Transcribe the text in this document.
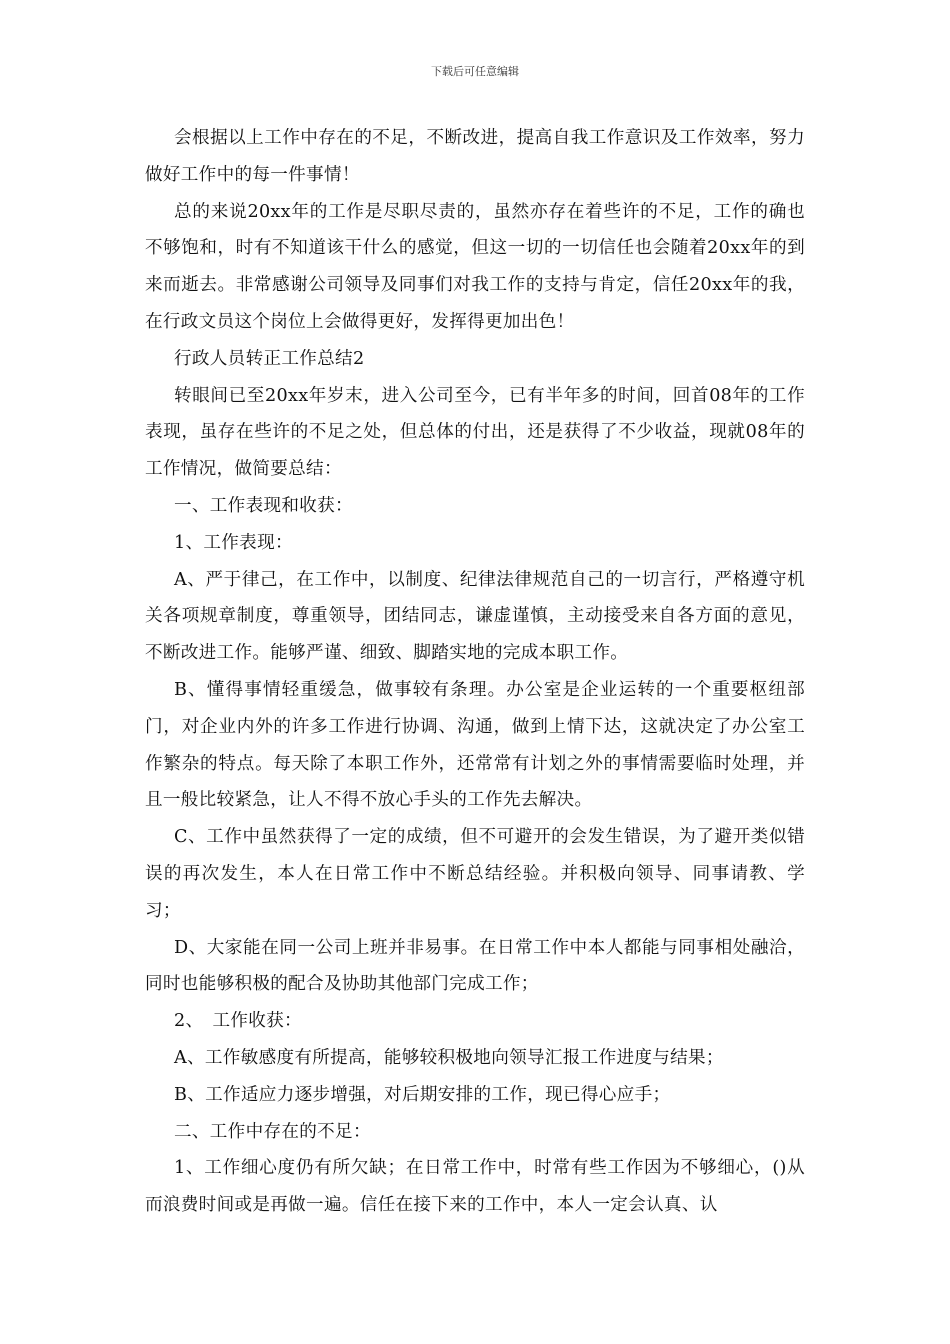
下载后可任意编辑

会根据以上工作中存在的不足，不断改进，提高自我工作意识及工作效率，努力做好工作中的每一件事情！

总的来说20xx年的工作是尽职尽责的，虽然亦存在着些许的不足，工作的确也不够饱和，时有不知道该干什么的感觉，但这一切的一切信任也会随着20xx年的到来而逝去。非常感谢公司领导及同事们对我工作的支持与肯定，信任20xx年的我，在行政文员这个岗位上会做得更好，发挥得更加出色！

行政人员转正工作总结2

转眼间已至20xx年岁末，进入公司至今，已有半年多的时间，回首08年的工作表现，虽存在些许的不足之处，但总体的付出，还是获得了不少收益，现就08年的工作情况，做简要总结：

一、工作表现和收获：

1、工作表现：

A、严于律己，在工作中，以制度、纪律法律规范自己的一切言行，严格遵守机关各项规章制度，尊重领导，团结同志，谦虚谨慎，主动接受来自各方面的意见，不断改进工作。能够严谨、细致、脚踏实地的完成本职工作。

B、懂得事情轻重缓急，做事较有条理。办公室是企业运转的一个重要枢纽部门，对企业内外的许多工作进行协调、沟通，做到上情下达，这就决定了办公室工作繁杂的特点。每天除了本职工作外，还常常有计划之外的事情需要临时处理，并且一般比较紧急，让人不得不放心手头的工作先去解决。

C、工作中虽然获得了一定的成绩，但不可避开的会发生错误，为了避开类似错误的再次发生，本人在日常工作中不断总结经验。并积极向领导、同事请教、学习；

D、大家能在同一公司上班并非易事。在日常工作中本人都能与同事相处融洽，同时也能够积极的配合及协助其他部门完成工作；

2、　工作收获：

A、工作敏感度有所提高，能够较积极地向领导汇报工作进度与结果；

B、工作适应力逐步增强，对后期安排的工作，现已得心应手；

二、工作中存在的不足：

1、工作细心度仍有所欠缺；在日常工作中，时常有些工作因为不够细心，()从而浪费时间或是再做一遍。信任在接下来的工作中，本人一定会认真、认
